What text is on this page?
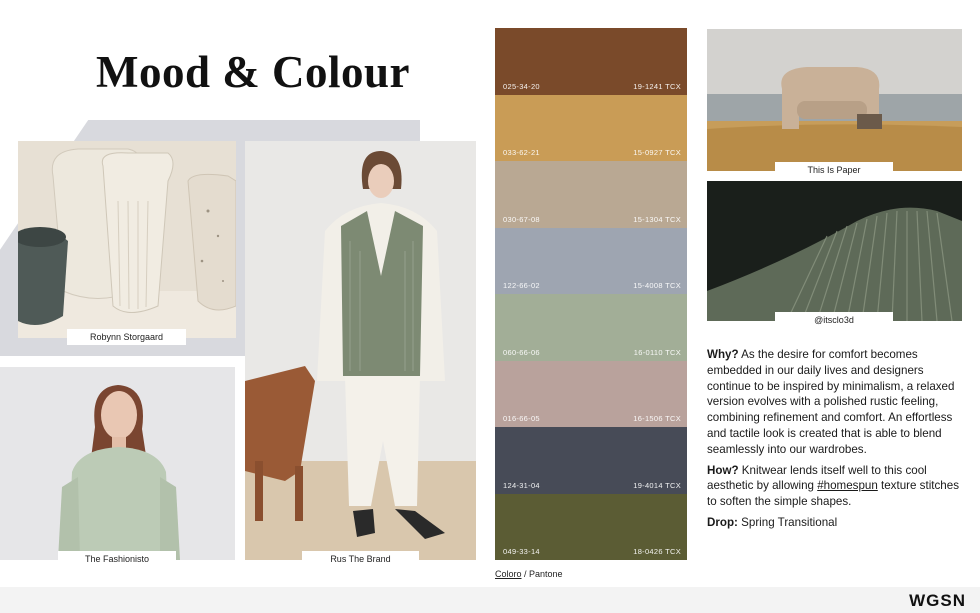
Mood & Colour
Robynn Storgaard
The Fashionisto	Rus The Brand
025-34-20	19-1241 TCX
033-62-21	15-0927 TCX
030-67-08	15-1304 TCX
122-66-02	15-4008 TCX
060-66-06	16-0110 TCX
016-66-05	16-1506 TCX
124-31-04	19-4014 TCX
049-33-14	18-0426 TCX
Coloro / Pantone
This Is Paper
@itsclo3d

Why? As the desire for comfort becomes embedded in our daily lives and designers continue to be inspired by minimalism, a relaxed version evolves with a polished rustic feeling, combining refinement and comfort. An effortless and tactile look is created that is able to blend seamlessly into our wardrobes.

How? Knitwear lends itself well to this cool aesthetic by allowing #homespun texture stitches to soften the simple shapes.

Drop: Spring Transitional

WGSN
